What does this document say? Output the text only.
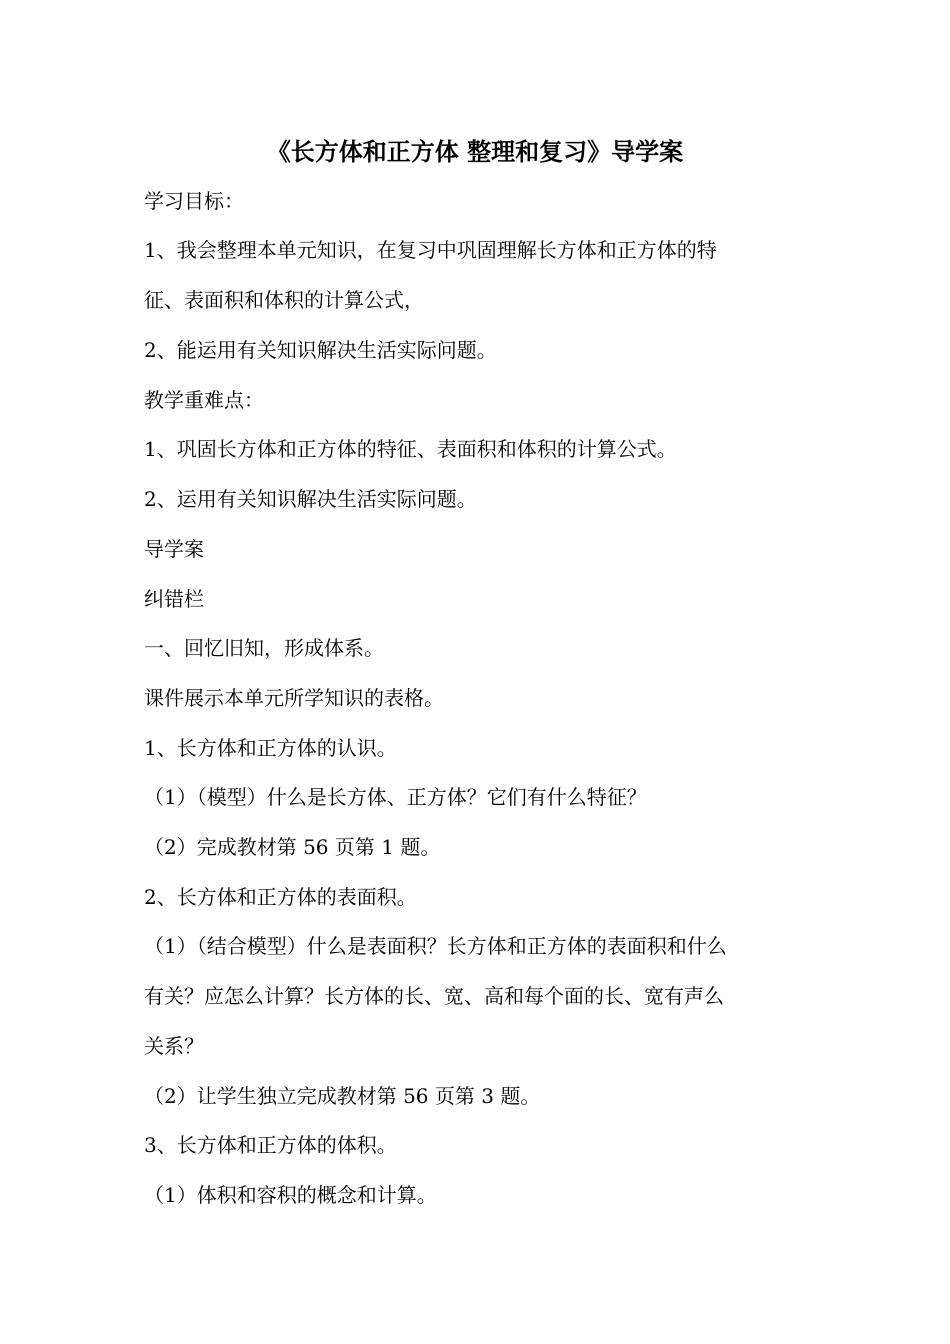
《长方体和正方体 整理和复习》导学案
学习目标：
1、我会整理本单元知识，在复习中巩固理解长方体和正方体的特
征、表面积和体积的计算公式，
2、能运用有关知识解决生活实际问题。
教学重难点：
1、巩固长方体和正方体的特征、表面积和体积的计算公式。
2、运用有关知识解决生活实际问题。
导学案
纠错栏
一、回忆旧知，形成体系。
课件展示本单元所学知识的表格。
1、长方体和正方体的认识。
（1）（模型）什么是长方体、正方体？它们有什么特征？
（2）完成教材第 56 页第 1 题。
2、长方体和正方体的表面积。
（1）（结合模型）什么是表面积？长方体和正方体的表面积和什么
有关？应怎么计算？长方体的长、宽、高和每个面的长、宽有声么
关系？
（2）让学生独立完成教材第 56 页第 3 题。
3、长方体和正方体的体积。
（1）体积和容积的概念和计算。
